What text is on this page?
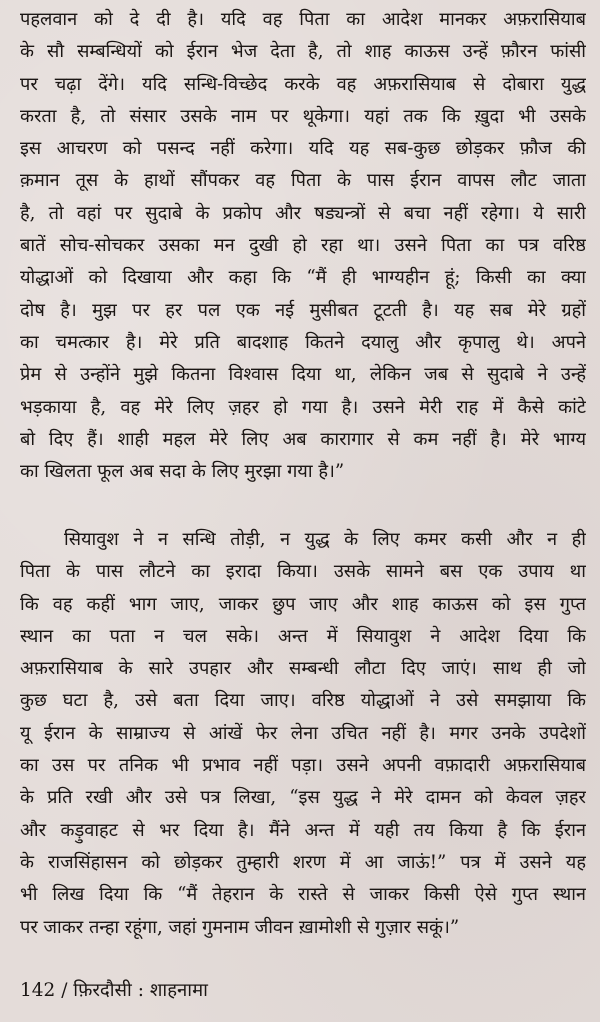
पहलवान को दे दी है। यदि वह पिता का आदेश मानकर अफ़रासियाब
के सौ सम्बन्धियों को ईरान भेज देता है, तो शाह काऊस उन्हें फ़ौरन फांसी
पर चढ़ा देंगे। यदि सन्धि-विच्छेद करके वह अफ़रासियाब से दोबारा युद्ध
करता है, तो संसार उसके नाम पर थूकेगा। यहां तक कि ख़ुदा भी उसके
इस आचरण को पसन्द नहीं करेगा। यदि यह सब-कुछ छोड़कर फ़ौज की
क़मान तूस के हाथों सौंपकर वह पिता के पास ईरान वापस लौट जाता
है, तो वहां पर सुदाबे के प्रकोप और षड्यन्त्रों से बचा नहीं रहेगा। ये सारी
बातें सोच-सोचकर उसका मन दुखी हो रहा था। उसने पिता का पत्र वरिष्ठ
योद्धाओं को दिखाया और कहा कि “मैं ही भाग्यहीन हूं; किसी का क्या
दोष है। मुझ पर हर पल एक नई मुसीबत टूटती है। यह सब मेरे ग्रहों
का चमत्कार है। मेरे प्रति बादशाह कितने दयालु और कृपालु थे। अपने
प्रेम से उन्होंने मुझे कितना विश्वास दिया था, लेकिन जब से सुदाबे ने उन्हें
भड़काया है, वह मेरे लिए ज़हर हो गया है। उसने मेरी राह में कैसे कांटे
बो दिए हैं। शाही महल मेरे लिए अब कारागार से कम नहीं है। मेरे भाग्य
का खिलता फूल अब सदा के लिए मुरझा गया है।”

सियावुश ने न सन्धि तोड़ी, न युद्ध के लिए कमर कसी और न ही
पिता के पास लौटने का इरादा किया। उसके सामने बस एक उपाय था
कि वह कहीं भाग जाए, जाकर छुप जाए और शाह काऊस को इस गुप्त
स्थान का पता न चल सके। अन्त में सियावुश ने आदेश दिया कि
अफ़रासियाब के सारे उपहार और सम्बन्धी लौटा दिए जाएं। साथ ही जो
कुछ घटा है, उसे बता दिया जाए। वरिष्ठ योद्धाओं ने उसे समझाया कि
यू ईरान के साम्राज्य से आंखें फेर लेना उचित नहीं है। मगर उनके उपदेशों
का उस पर तनिक भी प्रभाव नहीं पड़ा। उसने अपनी वफ़ादारी अफ़रासियाब
के प्रति रखी और उसे पत्र लिखा, “इस युद्ध ने मेरे दामन को केवल ज़हर
और कड़ुवाहट से भर दिया है। मैंने अन्त में यही तय किया है कि ईरान
के राजसिंहासन को छोड़कर तुम्हारी शरण में आ जाऊं!” पत्र में उसने यह
भी लिख दिया कि “मैं तेहरान के रास्ते से जाकर किसी ऐसे गुप्त स्थान
पर जाकर तन्हा रहूंगा, जहां गुमनाम जीवन ख़ामोशी से गुज़ार सकूं।”

142 / फ़िरदौसी : शाहनामा
